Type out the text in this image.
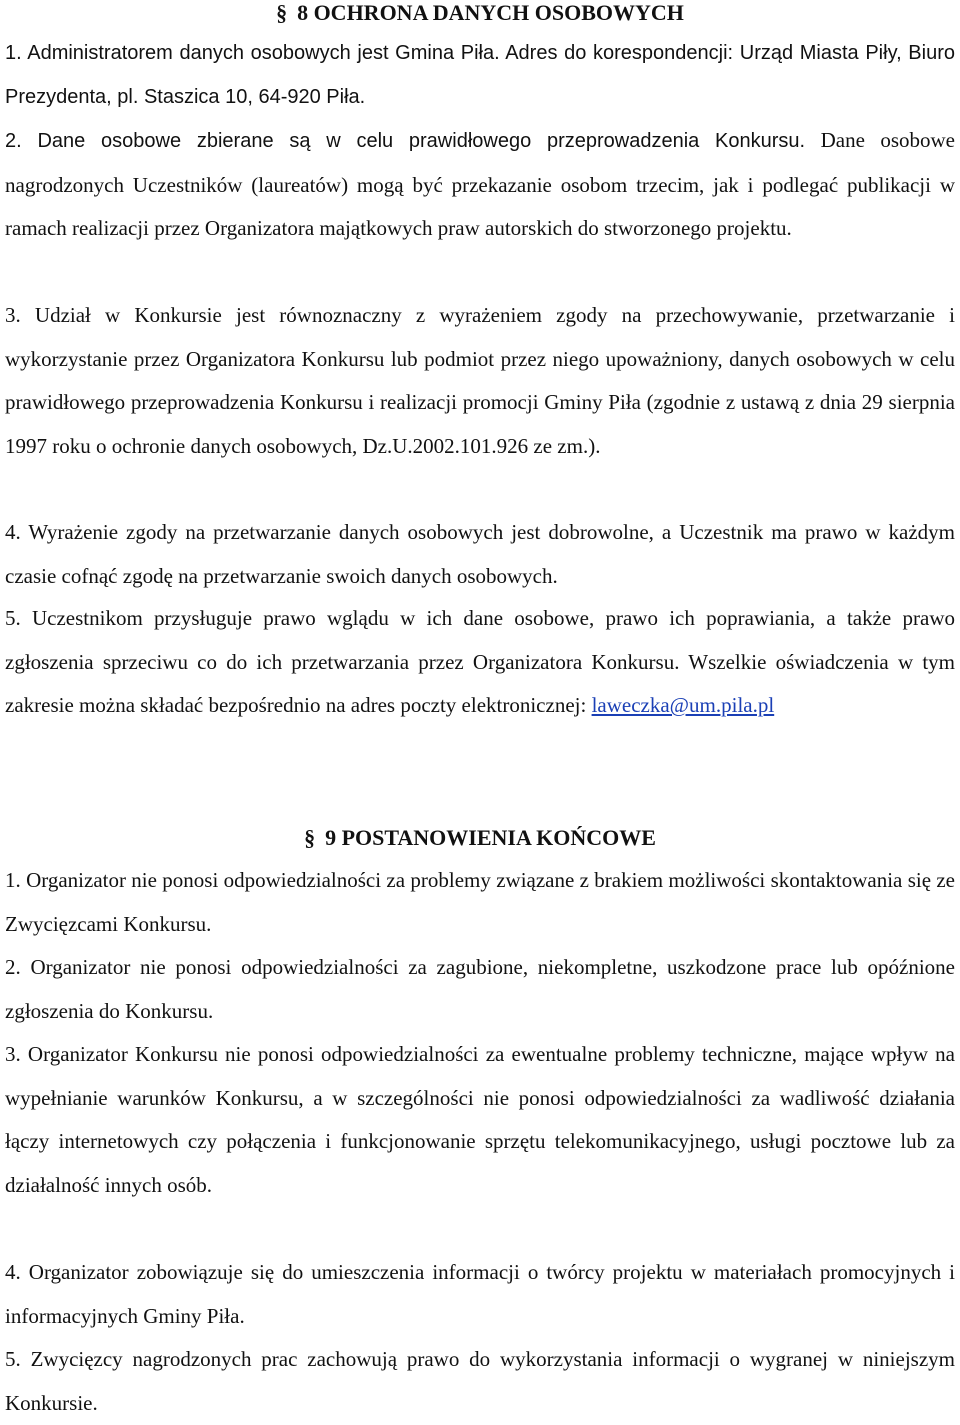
§ 8 OCHRONA DANYCH OSOBOWYCH
1. Administratorem danych osobowych jest Gmina Piła. Adres do korespondencji: Urząd Miasta Piły, Biuro Prezydenta, pl. Staszica 10, 64-920 Piła.
2. Dane osobowe zbierane są w celu prawidłowego przeprowadzenia Konkursu. Dane osobowe nagrodzonych Uczestników (laureatów) mogą być przekazanie osobom trzecim, jak i podlegać publikacji w ramach realizacji przez Organizatora majątkowych praw autorskich do stworzonego projektu.
3. Udział w Konkursie jest równoznaczny z wyrażeniem zgody na przechowywanie, przetwarzanie i wykorzystanie przez Organizatora Konkursu lub podmiot przez niego upoważniony, danych osobowych w celu prawidłowego przeprowadzenia Konkursu i realizacji promocji Gminy Piła (zgodnie z ustawą z dnia 29 sierpnia 1997 roku o ochronie danych osobowych, Dz.U.2002.101.926 ze zm.).
4. Wyrażenie zgody na przetwarzanie danych osobowych jest dobrowolne, a Uczestnik ma prawo w każdym czasie cofnąć zgodę na przetwarzanie swoich danych osobowych.
5. Uczestnikom przysługuje prawo wglądu w ich dane osobowe, prawo ich poprawiania, a także prawo zgłoszenia sprzeciwu co do ich przetwarzania przez Organizatora Konkursu. Wszelkie oświadczenia w tym zakresie można składać bezpośrednio na adres poczty elektronicznej: laweczka@um.pila.pl
§ 9 POSTANOWIENIA KOŃCOWE
1. Organizator nie ponosi odpowiedzialności za problemy związane z brakiem możliwości skontaktowania się ze Zwycięzcami Konkursu.
2. Organizator nie ponosi odpowiedzialności za zagubione, niekompletne, uszkodzone prace lub opóźnione zgłoszenia do Konkursu.
3. Organizator Konkursu nie ponosi odpowiedzialności za ewentualne problemy techniczne, mające wpływ na wypełnianie warunków Konkursu, a w szczególności nie ponosi odpowiedzialności za wadliwość działania łączy internetowych czy połączenia i funkcjonowanie sprzętu telekomunikacyjnego, usługi pocztowe lub za działalność innych osób.
4. Organizator zobowiązuje się do umieszczenia informacji o twórcy projektu w materiałach promocyjnych i informacyjnych Gminy Piła.
5. Zwycięzcy nagrodzonych prac zachowują prawo do wykorzystania informacji o wygranej w niniejszym Konkursie.
